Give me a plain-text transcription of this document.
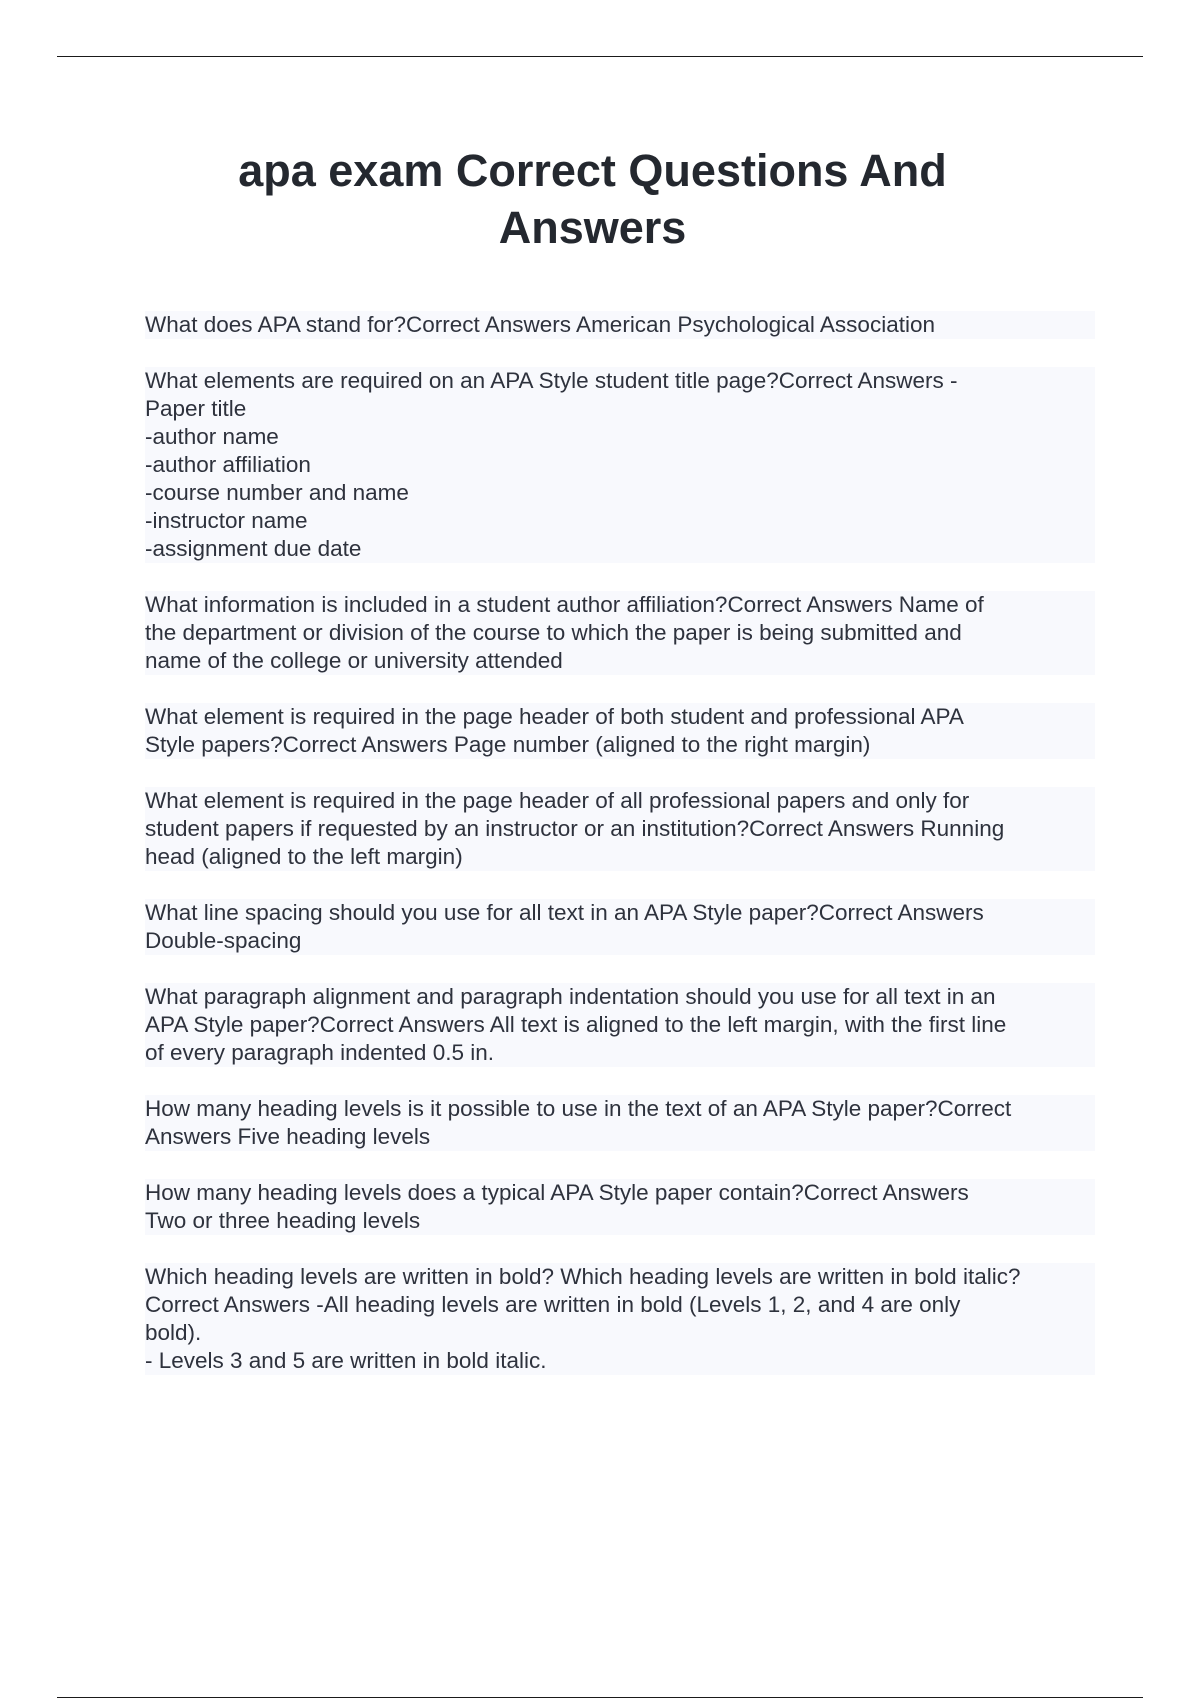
apa exam Correct Questions And Answers

What does APA stand for?Correct Answers American Psychological Association

What elements are required on an APA Style student title page?Correct Answers -
Paper title
-author name
-author affiliation
-course number and name
-instructor name
-assignment due date

What information is included in a student author affiliation?Correct Answers Name of
the department or division of the course to which the paper is being submitted and
name of the college or university attended

What element is required in the page header of both student and professional APA
Style papers?Correct Answers Page number (aligned to the right margin)

What element is required in the page header of all professional papers and only for
student papers if requested by an instructor or an institution?Correct Answers Running
head (aligned to the left margin)

What line spacing should you use for all text in an APA Style paper?Correct Answers
Double-spacing

What paragraph alignment and paragraph indentation should you use for all text in an
APA Style paper?Correct Answers All text is aligned to the left margin, with the first line
of every paragraph indented 0.5 in.

How many heading levels is it possible to use in the text of an APA Style paper?Correct
Answers Five heading levels

How many heading levels does a typical APA Style paper contain?Correct Answers
Two or three heading levels

Which heading levels are written in bold? Which heading levels are written in bold italic?
Correct Answers -All heading levels are written in bold (Levels 1, 2, and 4 are only
bold).
- Levels 3 and 5 are written in bold italic.
